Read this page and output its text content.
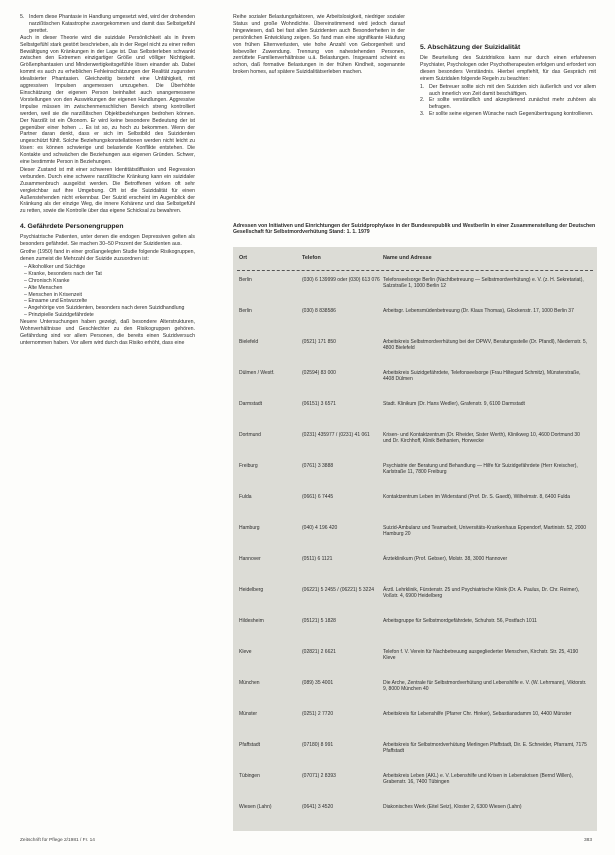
5. Indem diese Phantasie in Handlung umgesetzt wird, wird der drohenden narzißtischen Katastrophe zuvorgekommen und damit das Selbstgefühl gerettet.

Auch in dieser Theorie wird die suizidale Persönlichkeit als in ihrem Selbstgefühl stark gestört beschrieben, als in der Regel nicht zu einer reifen Bewältigung von Kränkungen in der Lage ist. Das Selbsterleben schwankt zwischen den Extremen einzigartiger Größe und völliger Nichtigkeit. Größenphantasien und Minderwertigkeitsgefühle lösen einander ab. Dabei kommt es auch zu erheblichen Fehleinschätzungen der Realität zugunsten idealisierter Phantasien. Gleichzeitig besteht eine Unfähigkeit, mit aggressiven Impulsen angemessen umzugehen. Die Überhöhte Einschätzung der eigenen Person beinhaltet auch unangemessene Vorstellungen von den Auswirkungen der eigenen Handlungen. Aggressive Impulse müssen im zwischenmenschlichen Bereich streng kontrolliert werden, weil sie die narzißtischen Objektbeziehungen bedrohen können. Der Narzißt ist ein Ökonom. Er wird keine besondere Bedeutung der ist gegenüber einer hohen ... Es ist so, zu hoch zu bekommen. Wenn der Partner daran denkt, dass er sich im Selbstbild des Suizidenten ungeschützt fühlt. Solche Beziehungskonstellationen werden nicht leicht zu lösen: es können schwierige und belastende Konflikte entstehen. Die Kontakte und schwächen die Beziehungen aus eigenen Gründen. Schwer, eine bestimmte Person in Beziehungen.

Dieser Zustand ist mit einer schweren Identitätsdiffusion und Regression verbunden. Durch eine schwere narzißtische Kränkung kann ein suizidaler Zusammenbruch ausgelöst werden. Die Betroffenen wirken oft sehr vergleichbar auf ihre Umgebung. Oft ist die Suizidalität für einen Außenstehenden nicht erkennbar. Der Suizid erscheint im Augenblick der Kränkung als der einzige Weg, die innere Kohärenz und das Selbstgefühl zu retten, sowie die Kontrolle über das eigene Schicksal zu bewahren.

4. Gefährdete Personengruppen

Psychiatrische Patienten, unter denen die endogen Depressiven gelten als besonders gefährdet. Sie machen 30–50 Prozent der Suizidenten aus.

Grothe (1950) fand in einer großangelegten Studie folgende Risikogruppen, denen zumeist die Mehrzahl der Suizide zuzuordnen ist:

– Alkoholiker und Süchtige

– Kranke, besonders nach der Tat

– Chronisch Kranke

– Alte Menschen

– Menschen in Krisenzeit

– Einsame und Entwurzelte

– Angehörige von Suizidenten, besonders nach deren Suizidhandlung

– Prinzipielle Suizidgefährdete

Neuere Untersuchungen haben gezeigt, daß besondere Alterstrukturen, Wohnverhältnisse und Geschlechter zu den Risikogruppen gehören. Gefährdung sind vor allem Personen, die bereits einen Suizidversuch unternommen haben. Vor allem wird durch das Risiko erhöht, dass eine

Reihe sozialer Belastungsfaktoren, wie Arbeitslosigkeit, niedriger sozialer Status und große Wohndichte. Übereinstimmend wird jedoch darauf hingewiesen, daß bei fast allen Suizidenten auch Besonderheiten in der persönlichen Entwicklung zeigen. So fand man eine signifikante Häufung von frühen Elternverlusten, wie hohe Anzahl von Geborgenheit und liebevoller Zuwendung. Trennung von nahestehenden Personen, zerrüttete Familienverhältnisse u.ä. Belastungen. Insgesamt scheint es schon, daß formative Belastungen in der frühen Kindheit, sogenannte broken homes, auf spätere Suizidalitätserleben machen.

5. Abschätzung der Suizidalität

Die Beurteilung des Suizidrisikos kann nur durch einen erfahrenen Psychiater, Psychologen oder Psychotherapeuten erfolgen und erfordert von diesen besonders Verständnis. Hierbei empfiehlt, für das Gespräch mit einem Suizidalen folgende Regeln zu beachten:

1. Der Betreuer sollte sich mit den Suiziden sich äußerlich und vor allem auch innerlich von Zeit damit beschäftigen.

2. Er sollte verständlich und akzeptierend zunächst mehr zuhören als befragen.

3. Er sollte seine eigenen Wünsche nach Gegenübertragung kontrollieren.

Adressen von Initiativen und Einrichtungen der Suizidprophylaxe in der Bundesrepublik und Westberlin in einer Zusammenstellung der Deutschen Gesellschaft für Selbstmordverhütung Stand: 1. 1. 1979
Ort	Telefon	Name und Adresse
Berlin	(030) 6 139999 oder (030) 613 076 Telefonseelsorge Berlin (Nachtbetreuung — Selbstmordverhütung) e. V. (z. H. Sekretariat), Salzstraße 1, 1000 Berlin 12
Berlin	(030) 8 838586	Arbeitsgr. Lebensmüdenbetreuung (Dr. Klaus Thomas), Glockenstr. 17, 1000 Berlin 37
Bielefeld	(0521) 171 850	Arbeitskreis Selbstmordverhütung bei der DPWV, Beratungsstelle (Dr. Pfandl), Niedernstr. 5, 4800 Bielefeld
Dülmen / Westf.	(02594) 83 000	Arbeitskreis Suizidgefährdete, Telefonseelsorge (Frau Hiltegard Schmitz), Münsterstraße, 4408 Dülmen
Darmstadt	(06151) 3 6571	Stadt. Klinikum (Dr. Hans Wedler), Grafenstr. 9, 6100 Darmstadt
Dortmund	(0231) 435977 / (0231) 41 061	Krisen- und Kontaktzentrum (Dr. Rheider, Sister Werth), Klinikweg 10, 4600 Dortmund 30 und Dr. Kirchhoff, Klinik Bethanien, Horwecke
Freiburg	(0761) 3 3888	Psychiatrie der Beratung und Behandlung — Hilfe für Suizidgefährdete (Herr Kreischer), Karlstraße 11, 7800 Freiburg
Fulda	(0661) 6 7445	Kontaktzentrum Leben im Widerstand (Prof. Dr. S. Gaedt), Wilhelmstr. 8, 6400 Fulda
Hamburg	(040) 4 196 420	Suizid-Ambulanz und Teamarbeit, Universitäts-Krankenhaus Eppendorf, Martinistr. 52, 2000 Hamburg 20
Hannover	(0511) 6 1121	Ärzteklinikum (Prof. Gebser), Molstr. 38, 3000 Hannover
Heidelberg	(06221) 5 2455 / (06221) 5 3224	Ärztl. Lehrklinik, Fürstenstr. 25 und Psychiatrische Klinik (Dr. A. Paulus, Dr. Chr. Reimer), Voßstr. 4, 6900 Heidelberg
Hildesheim	(05121) 5 1828	Arbeitsgruppe für Selbstmordgefährdete, Schuhstr. 56, Postfach 1011
Kleve	(02821) 2 6621	Telefon f. V. Verein für Nachbetreuung ausgegliederter Menschen, Kirchstr. Str. 25, 4190 Kleve
München	(089) 35 4001	Die Arche, Zentrale für Selbstmordverhütung und Lebenshilfe e. V. (W. Lehrmann), Viktorstr. 9, 8000 München 40
Münster	(0251) 2 7720	Arbeitskreis für Lebenshilfe (Pfarrer Chr. Hinker), Sebastiansdamm 10, 4400 Münster
Pfaffstadt	(07180) 8 991	Arbeitskreis für Selbstmordverhütung Merlingen Pfaffstadt, Dir. E. Schneider, Pfarramt, 7175 Pfaffstadt
Tübingen	(07071) 2 8393	Arbeitskreis Leben (AKL) e. V. Lebenshilfe und Krisen in Lebenskrisen (Bernd Willen), Grabenstr. 16, 7400 Tübingen
Wiesen (Lahn)	(0641) 3 4520	Diakonisches Werk (Eitel Seiz), Kloster 2, 6300 Wiesen (Lahn)
Zeitschrift für Pflege 2/1981 / Fr. 14	383
